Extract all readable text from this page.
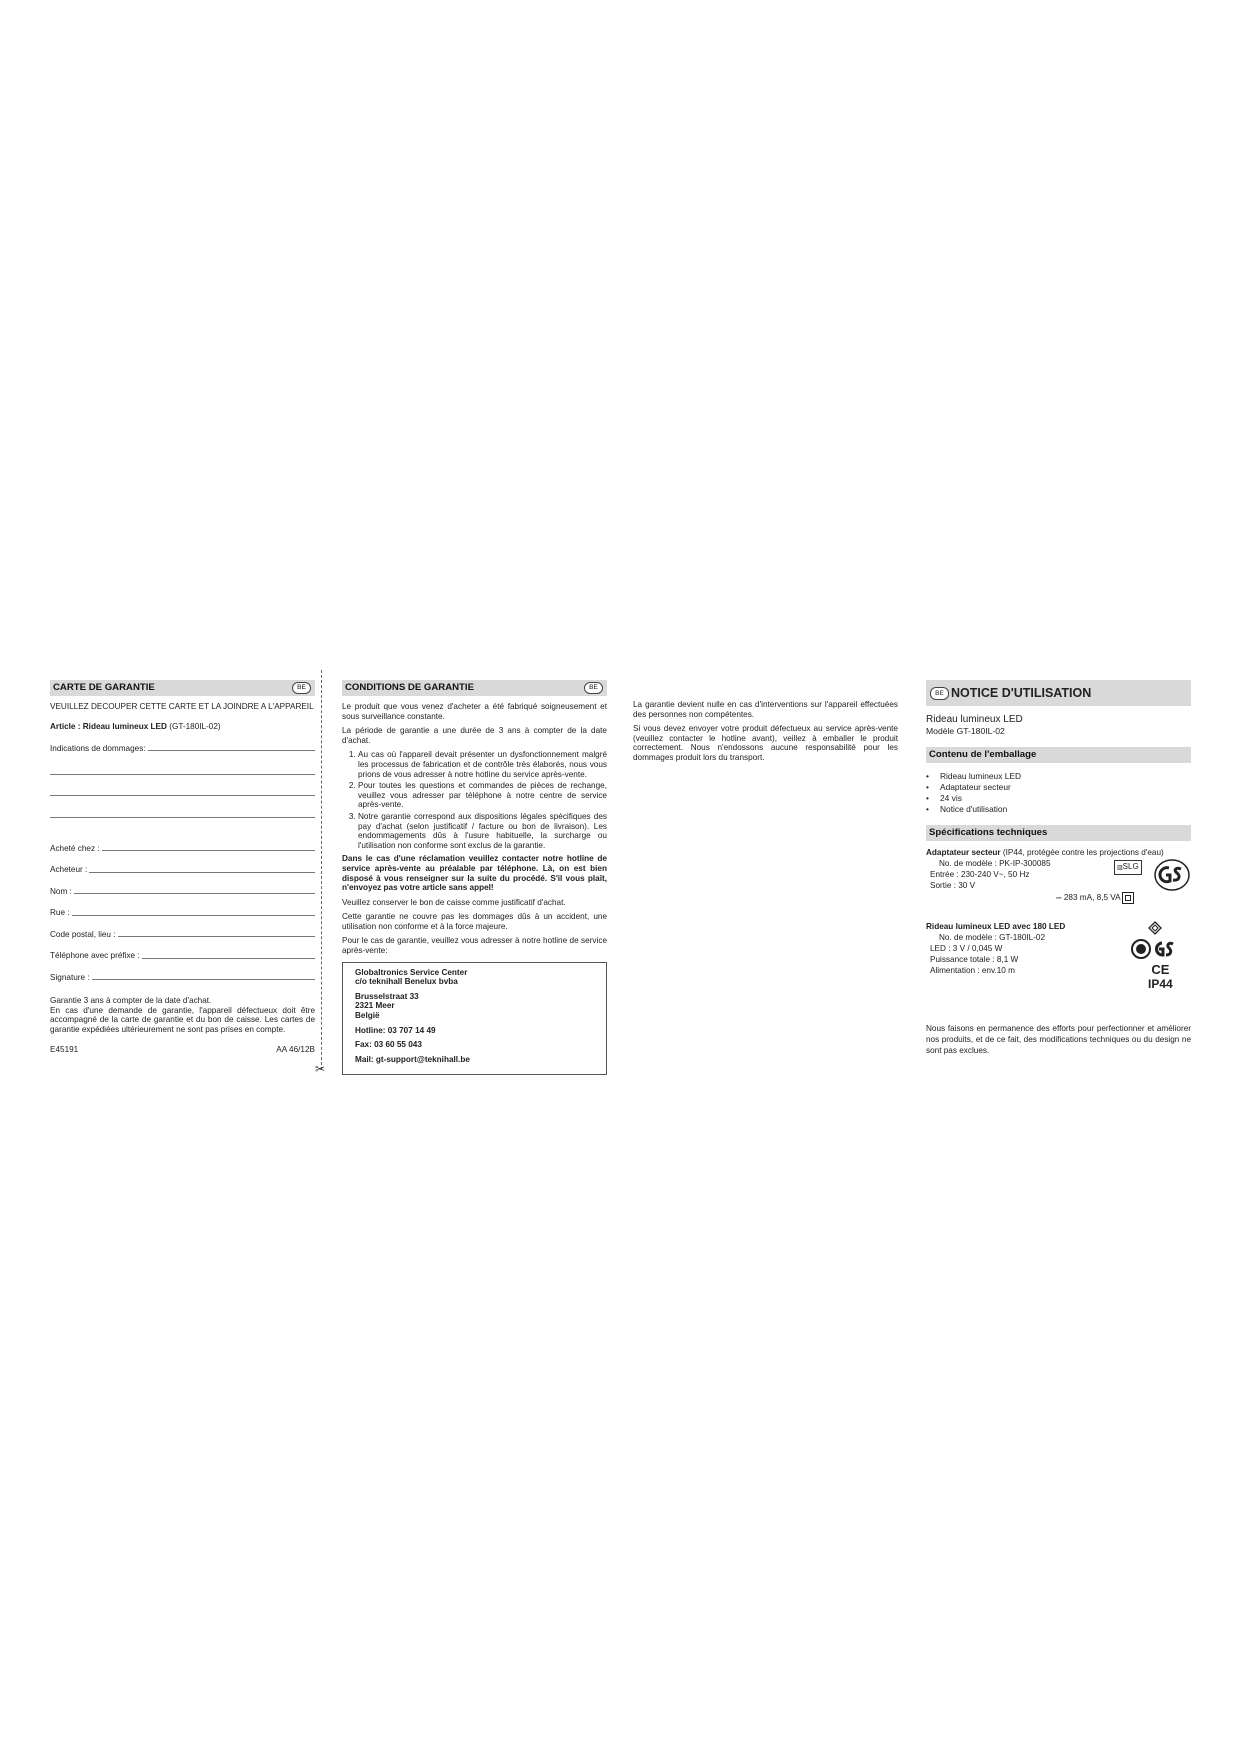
CARTE DE GARANTIE	BE

VEUILLEZ DECOUPER CETTE CARTE ET LA JOINDRE A L'APPAREIL

Article : Rideau lumineux LED (GT-180IL-02)

Indications de dommages:
Acheté chez :
Acheteur :
Nom :
Rue :
Code postal, lieu :
Téléphone avec préfixe :
Signature :

Garantie 3 ans à compter de la date d'achat.

En cas d'une demande de garantie, l'appareil défectueux doit être accompagné de la carte de garantie et du bon de caisse. Les cartes de garantie expédiées ultérieurement ne sont pas prises en compte.

E45191	AA 46/12B
✂
CONDITIONS DE GARANTIE	BE

Le produit que vous venez d'acheter a été fabriqué soigneusement et sous surveillance constante.

La période de garantie a une durée de 3 ans à compter de la date d'achat.

1. Au cas où l'appareil devait présenter un dysfonctionnement malgré les processus de fabrication et de contrôle très élaborés, nous vous prions de vous adresser à notre hotline du service après-vente.
2. Pour toutes les questions et commandes de pièces de rechange, veuillez vous adresser par téléphone à notre centre de service après-vente.
3. Notre garantie correspond aux dispositions légales spécifiques des pay d'achat (selon justificatif / facture ou bon de livraison). Les endommagements dûs à l'usure habituelle, la surcharge ou l'utilisation non conforme sont exclus de la garantie.

Dans le cas d'une réclamation veuillez contacter notre hotline de service après-vente au préalable par téléphone. Là, on est bien disposé à vous renseigner sur la suite du procédé. S'il vous plaît, n'envoyez pas votre article sans appel!

Veuillez conserver le bon de caisse comme justificatif d'achat.

Cette garantie ne couvre pas les dommages dûs à un accident, une utilisation non conforme et à la force majeure.

Pour le cas de garantie, veuillez vous adresser à notre hotline de service après-vente:

Globaltronics Service Center
c/o teknihall Benelux bvba
Brusselstraat 33
2321 Meer
België
Hotline: 03 707 14 49
Fax: 03 60 55 043
Mail: gt-support@teknihall.be

La garantie devient nulle en cas d'interventions sur l'appareil effectuées des personnes non compétentes.

Si vous devez envoyer votre produit défectueux au service après-vente (veuillez contacter le hotline avant), veillez à emballer le produit correctement. Nous n'endossons aucune responsabilité pour les dommages produit lors du transport.

BE NOTICE D'UTILISATION
Rideau lumineux LED
Modèle GT-180IL-02
Contenu de l'emballage
• Rideau lumineux LED
• Adaptateur secteur
• 24 vis
• Notice d'utilisation
Spécifications techniques
Adaptateur secteur (IP44, protégée contre les projections d'eau)
No. de modèle : PK-IP-300085
Entrée : 230-240 V~, 50 Hz
Sortie : 30 V
⎓ 283 mA, 8,5 VA
▥SLG
Rideau lumineux LED avec 180 LED
No. de modèle : GT-180IL-02
LED : 3 V / 0,045 W
Puissance totale : 8,1 W
Alimentation : env.10 m
	CE
IP44

Nous faisons en permanence des efforts pour perfectionner et améliorer nos produits, et de ce fait, des modifications techniques ou du design ne sont pas exclues.
